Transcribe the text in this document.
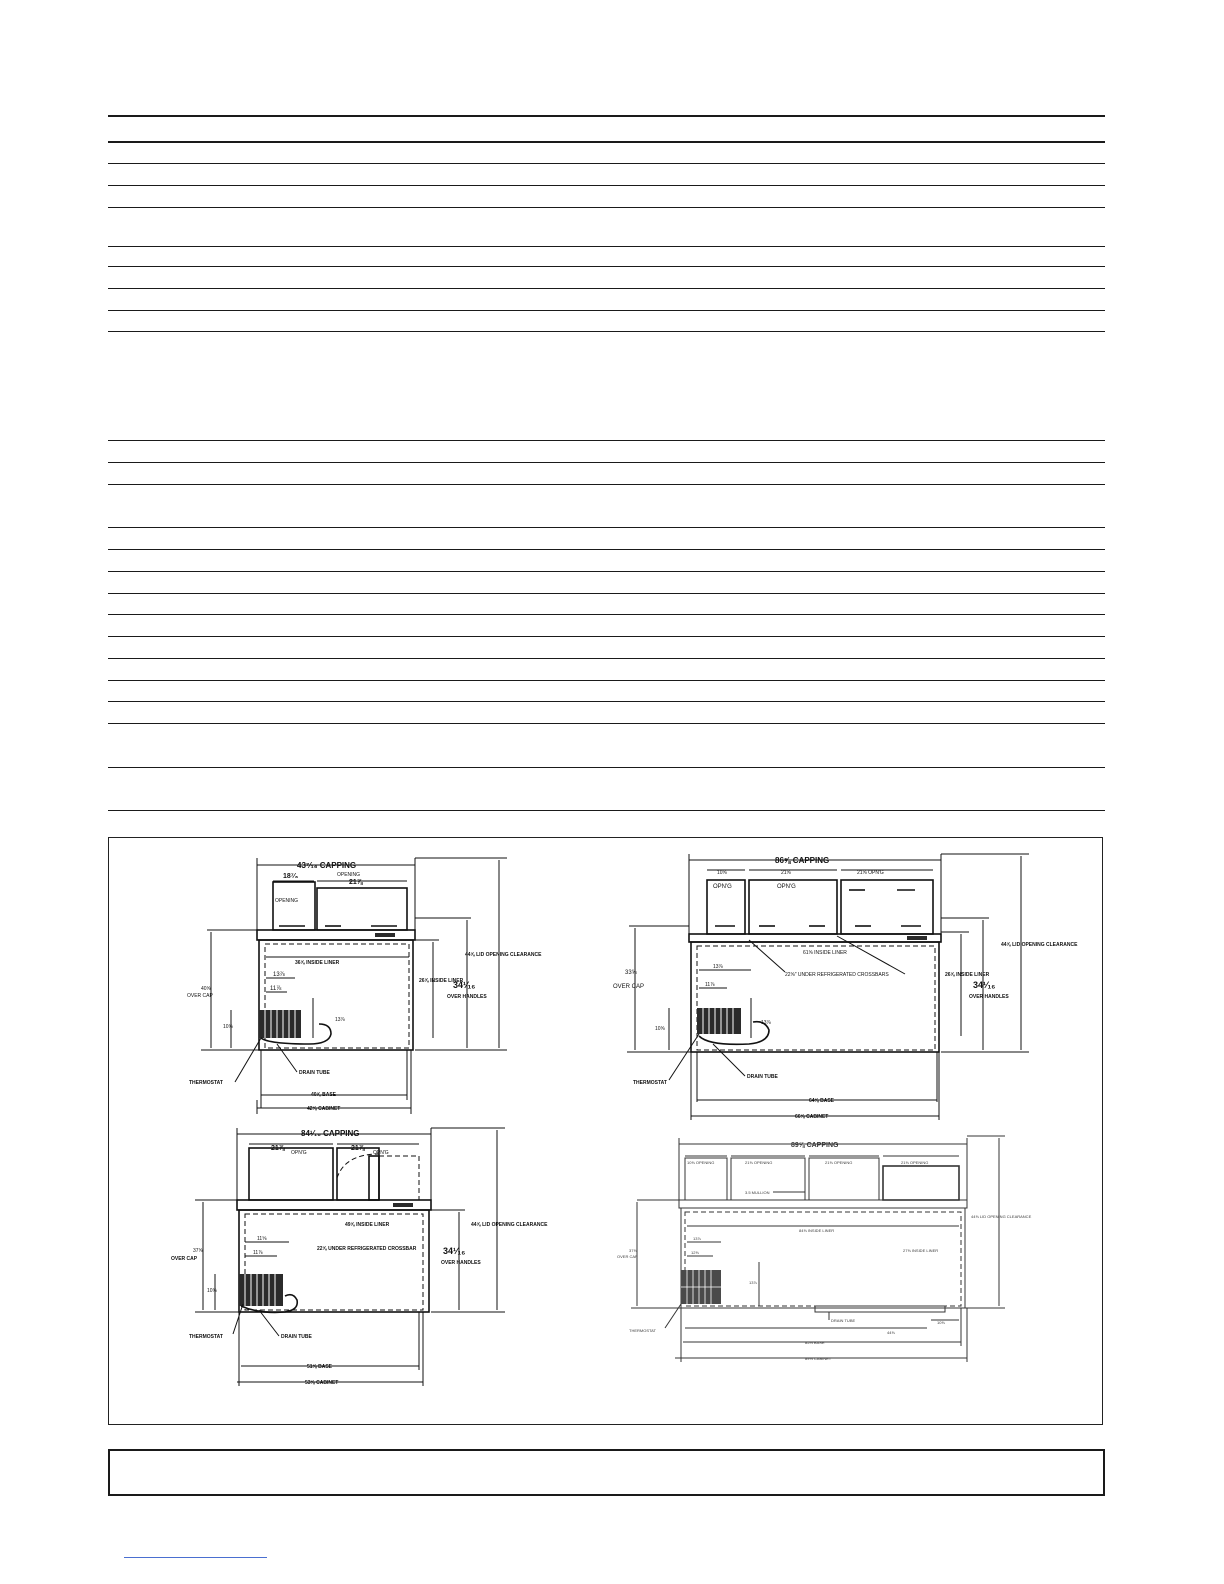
43⁷⁄₁₆ CAPPING
18⁷⁄₈
OPENING
OPENING
21⅞
36⅝ INSIDE LINER
13⅞
11⅞
40⅝
OVER CAP
10⅝
13⅞
26⅝ INSIDE LINER
34¹⁄₁₆
OVER HANDLES
44⅝ LID OPENING CLEARANCE
THERMOSTAT
DRAIN TUBE
40⅝ BASE
42⅝ CABINET
86⅝ CAPPING
10⅝
OPN'G
21⅝
OPN'G
21⅝ OPN'G
61⅝ INSIDE LINER
22⅝" UNDER REFRIGERATED CROSSBARS
13⅞
11⅞
33⅝
OVER CAP
10⅝
13⅞
26⅝ INSIDE LINER
34¹⁄₁₆
OVER HANDLES
44⅝ LID OPENING CLEARANCE
THERMOSTAT
DRAIN TUBE
64⅝ BASE
66⅝ CABINET
84¹⁄₁₆ CAPPING
21⅞
OPN'G
21⅞
OPN'G
49⅝ INSIDE LINER
22⅝ UNDER REFRIGERATED CROSSBAR
11⅝
11⅞
37⅝
OVER CAP
10⅝
34¹⁄₁₆
OVER HANDLES
44⅝ LID OPENING CLEARANCE
THERMOSTAT	DRAIN TUBE
51⅝ BASE
53⅝ CABINET
89⅝ CAPPING
10⅝ OPENING	21⅝ OPENING	21⅝ OPENING	21⅝ OPENING
3.5 MULLION
84⅝ INSIDE LINER
27⅝ INSIDE LINER
13⅞
12⅝
13⅞
37⅝
OVER CAP
44⅝ LID OPENING CLEARANCE
THERMOSTAT
DRAIN TUBE
44⅝
10⅝
85⅝ BASE
89⅝ CABINET
